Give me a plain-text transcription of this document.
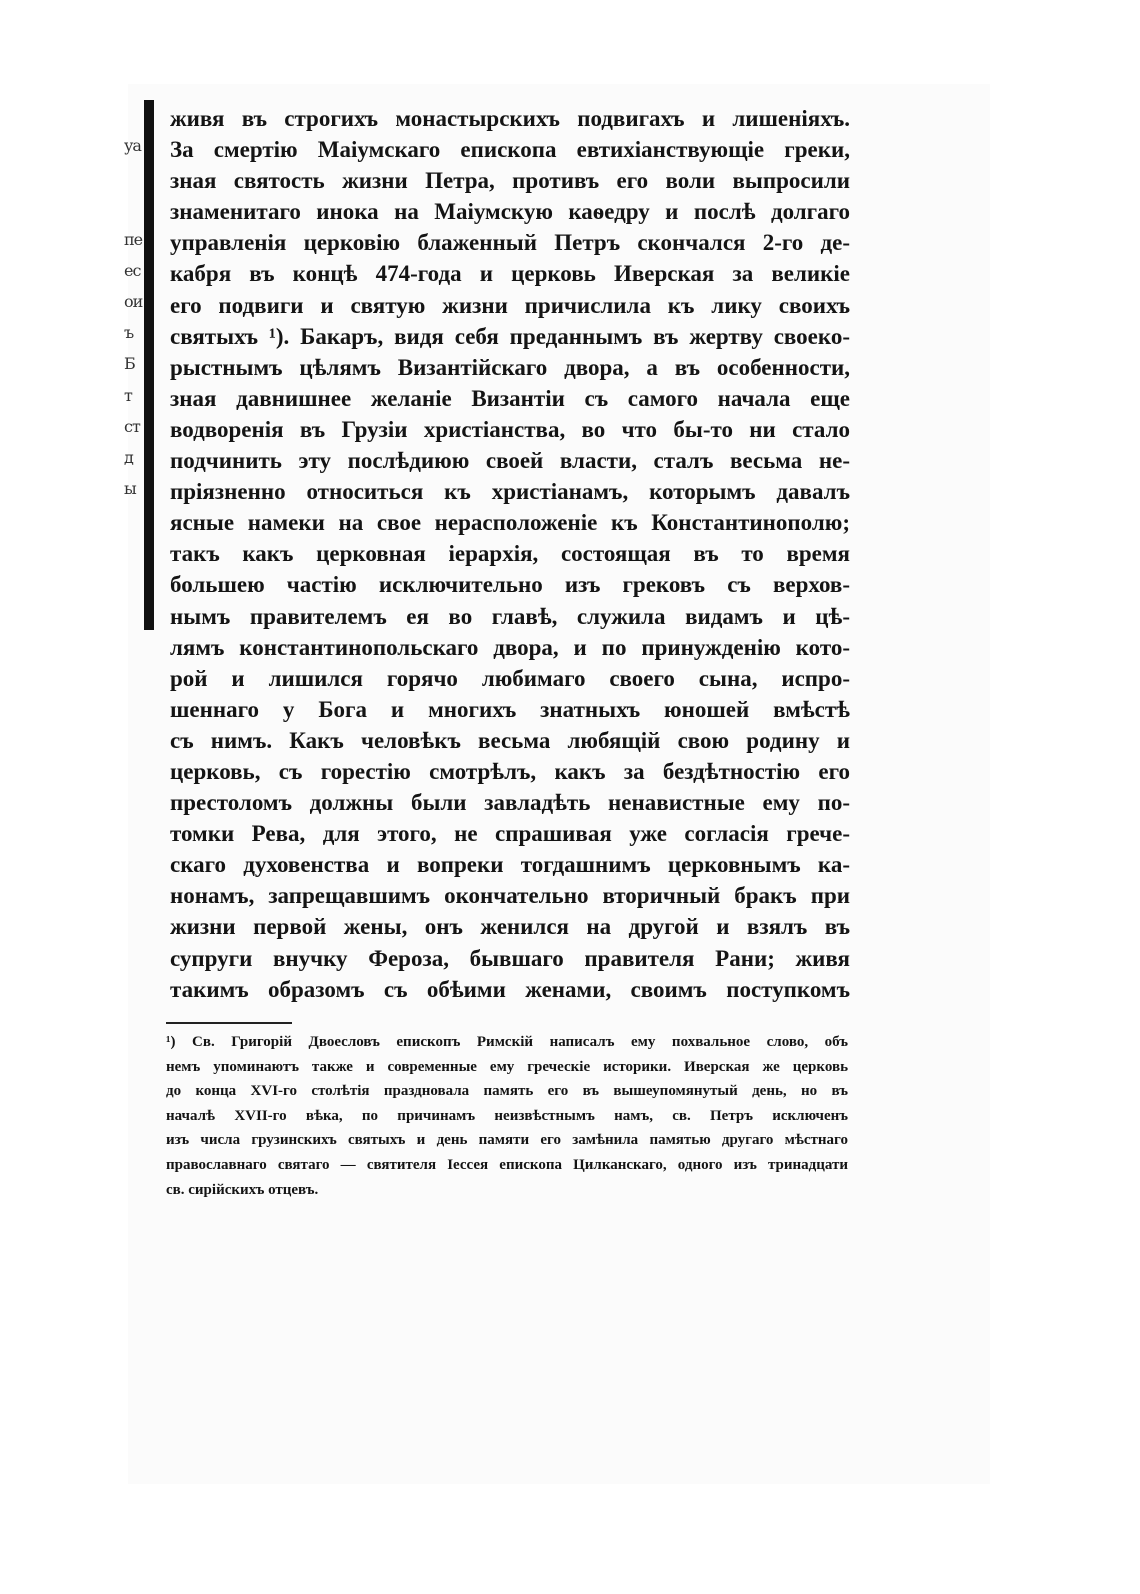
уа
пе
ес
ои
ъ
Б
т
ст
д
ы
живя въ строгихъ монастырскихъ подвигахъ и лишеніяхъ.
За смертію Маіумскаго епископа евтихіанствующіе греки,
зная святость жизни Петра, противъ его воли выпросили
знаменитаго инока на Маіумскую каѳедру и послѣ долгаго
управленія церковію блаженный Петръ скончался 2-го де-
кабря въ концѣ 474-года и церковь Иверская за великіе
его подвиги и святую жизни причислила къ лику своихъ
святыхъ ¹). Бакаръ, видя себя преданнымъ въ жертву своеко-
рыстнымъ цѣлямъ Византійскаго двора, а въ особенности,
зная давнишнее желаніе Византіи съ самого начала еще
водворенія въ Грузіи христіанства, во что бы-то ни стало
подчинить эту послѣдиюю своей власти, сталъ весьма не-
пріязненно относиться къ христіанамъ, которымъ давалъ
ясные намеки на свое нерасположеніе къ Константинополю;
такъ какъ церковная іерархія, состоящая въ то время
большею частію исключительно изъ грековъ съ верхов-
нымъ правителемъ ея во главѣ, служила видамъ и цѣ-
лямъ константинопольскаго двора, и по принужденію кото-
рой и лишился горячо любимаго своего сына, испро-
шеннаго у Бога и многихъ знатныхъ юношей вмѣстѣ
съ нимъ. Какъ человѣкъ весьма любящій свою родину и
церковь, съ горестію смотрѣлъ, какъ за бездѣтностію его
престоломъ должны были завладѣть ненавистные ему по-
томки Рева, для этого, не спрашивая уже согласія грече-
скаго духовенства и вопреки тогдашнимъ церковнымъ ка-
нонамъ, запрещавшимъ окончательно вторичный бракъ при
жизни первой жены, онъ женился на другой и взялъ въ
супруги внучку Фероза, бывшаго правителя Рани; живя
такимъ образомъ съ обѣими женами, своимъ поступкомъ
¹) Св. Григорій Двоесловъ епископъ Римскій написалъ ему похвальное слово, объ
немъ упоминаютъ также и современные ему греческіе историки. Иверская же церковь
до конца XVI-го столѣтія праздновала память его въ вышеупомянутый день, но въ
началѣ XVII-го вѣка, по причинамъ неизвѣстнымъ намъ, св. Петръ исключенъ
изъ числа грузинскихъ святыхъ и день памяти его замѣнила памятью другаго мѣстнаго
православнаго святаго — святителя Іессея епископа Цилканскаго, одного изъ тринадцати
св. сирійскихъ отцевъ.
